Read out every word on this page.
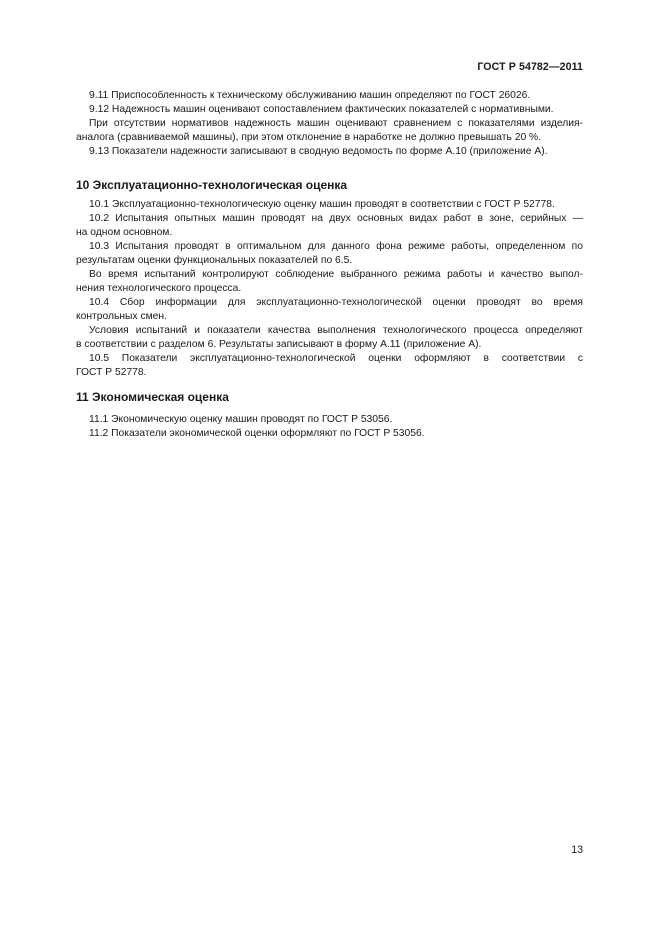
ГОСТ Р 54782—2011

9.11 Приспособленность к техническому обслуживанию машин определяют по ГОСТ 26026.

9.12 Надежность машин оценивают сопоставлением фактических показателей с нормативными.

При отсутствии нормативов надежность машин оценивают сравнением с показателями изделия-

аналога (сравниваемой машины), при этом отклонение в наработке не должно превышать 20 %.

9.13 Показатели надежности записывают в сводную ведомость по форме А.10 (приложение А).

10 Эксплуатационно-технологическая оценка

10.1 Эксплуатационно-технологическую оценку машин проводят в соответствии с ГОСТ Р 52778.

10.2 Испытания опытных машин проводят на двух основных видах работ в зоне, серийных —

на одном основном.

10.3 Испытания проводят в оптимальном для данного фона режиме работы, определенном по

результатам оценки функциональных показателей по 6.5.

Во время испытаний контролируют соблюдение выбранного режима работы и качество выпол-

нения технологического процесса.

10.4 Сбор информации для эксплуатационно-технологической оценки проводят во время

контрольных смен.

Условия испытаний и показатели качества выполнения технологического процесса определяют

в соответствии с разделом 6. Результаты записывают в форму А.11 (приложение А).

10.5 Показатели эксплуатационно-технологической оценки оформляют в соответствии с

ГОСТ Р 52778.

11 Экономическая оценка

11.1 Экономическую оценку машин проводят по ГОСТ Р 53056.

11.2 Показатели экономической оценки оформляют по ГОСТ Р 53056.

13
